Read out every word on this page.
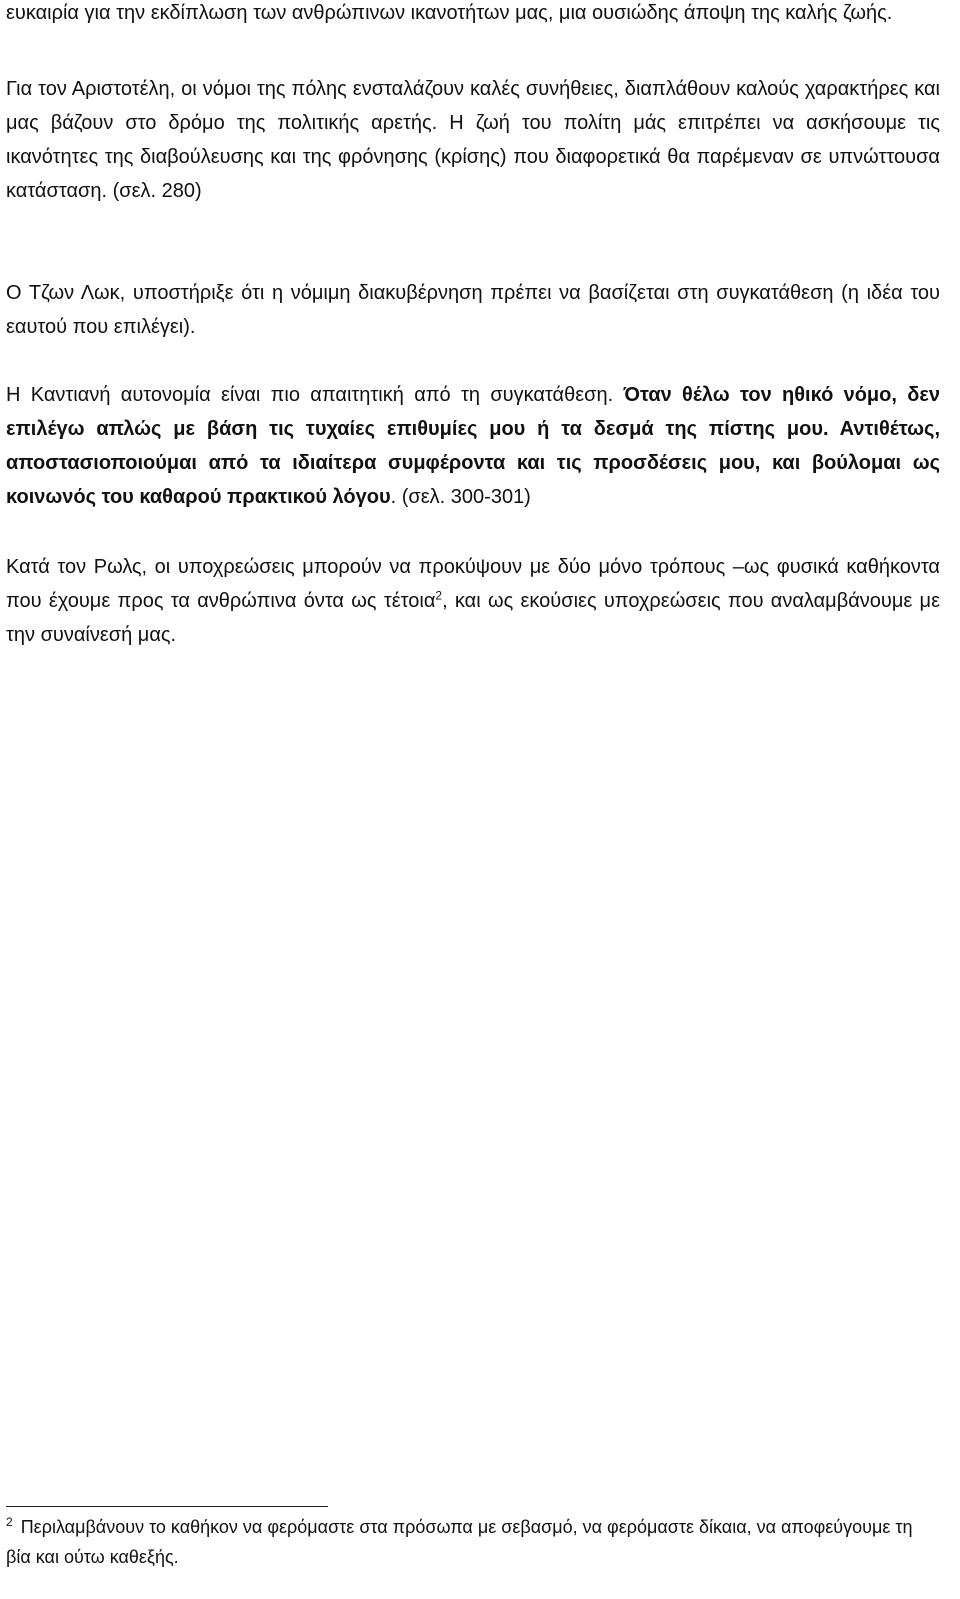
ευκαιρία για την εκδίπλωση των ανθρώπινων ικανοτήτων μας, μια ουσιώδης άποψη της καλής ζωής.

Για τον Αριστοτέλη, οι νόμοι της πόλης ενσταλάζουν καλές συνήθειες, διαπλάθουν καλούς χαρακτήρες και μας βάζουν στο δρόμο της πολιτικής αρετής. Η ζωή του πολίτη μάς επιτρέπει να ασκήσουμε τις ικανότητες της διαβούλευσης και της φρόνησης (κρίσης) που διαφορετικά θα παρέμεναν σε υπνώττουσα κατάσταση. (σελ. 280)

Ο Τζων Λωκ, υποστήριξε ότι η νόμιμη διακυβέρνηση πρέπει να βασίζεται στη συγκατάθεση (η ιδέα του εαυτού που επιλέγει).

Η Καντιανή αυτονομία είναι πιο απαιτητική από τη συγκατάθεση. Όταν θέλω τον ηθικό νόμο, δεν επιλέγω απλώς με βάση τις τυχαίες επιθυμίες μου ή τα δεσμά της πίστης μου. Αντιθέτως, αποστασιοποιούμαι από τα ιδιαίτερα συμφέροντα και τις προσδέσεις μου, και βούλομαι ως κοινωνός του καθαρού πρακτικού λόγου. (σελ. 300-301)

Κατά τον Ρωλς, οι υποχρεώσεις μπορούν να προκύψουν με δύο μόνο τρόπους –ως φυσικά καθήκοντα που έχουμε προς τα ανθρώπινα όντα ως τέτοια$^2$, και ως εκούσιες υποχρεώσεις που αναλαμβάνουμε με την συναίνεσή μας.

$^2$ Περιλαμβάνουν το καθήκον να φερόμαστε στα πρόσωπα με σεβασμό, να φερόμαστε δίκαια, να αποφεύγουμε τη βία και ούτω καθεξής.
